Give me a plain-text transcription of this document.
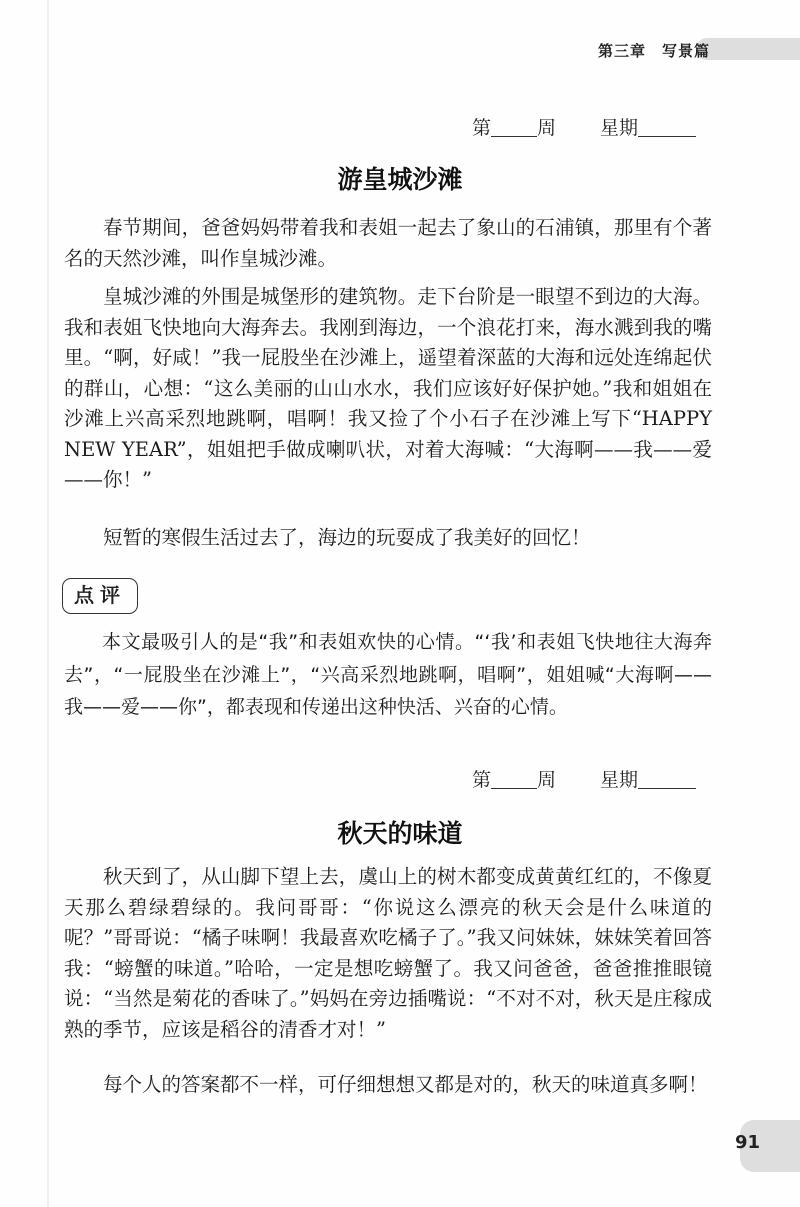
第三章　写景篇
第 周 星期
游皇城沙滩

春节期间，爸爸妈妈带着我和表姐一起去了象山的石浦镇，那里有个著名的天然沙滩，叫作皇城沙滩。

皇城沙滩的外围是城堡形的建筑物。走下台阶是一眼望不到边的大海。我和表姐飞快地向大海奔去。我刚到海边，一个浪花打来，海水溅到我的嘴里。“啊，好咸！”我一屁股坐在沙滩上，遥望着深蓝的大海和远处连绵起伏的群山，心想：“这么美丽的山山水水，我们应该好好保护她。”我和姐姐在沙滩上兴高采烈地跳啊，唱啊！我又捡了个小石子在沙滩上写下“HAPPY NEW YEAR”，姐姐把手做成喇叭状，对着大海喊：“大海啊——我——爱——你！”

短暂的寒假生活过去了，海边的玩耍成了我美好的回忆！

点评

本文最吸引人的是“我”和表姐欢快的心情。“‘我’和表姐飞快地往大海奔去”，“一屁股坐在沙滩上”，“兴高采烈地跳啊，唱啊”，姐姐喊“大海啊——我——爱——你”，都表现和传递出这种快活、兴奋的心情。

第 周 星期
秋天的味道

秋天到了，从山脚下望上去，虞山上的树木都变成黄黄红红的，不像夏天那么碧绿碧绿的。我问哥哥：“你说这么漂亮的秋天会是什么味道的呢？”哥哥说：“橘子味啊！我最喜欢吃橘子了。”我又问妹妹，妹妹笑着回答我：“螃蟹的味道。”哈哈，一定是想吃螃蟹了。我又问爸爸，爸爸推推眼镜说：“当然是菊花的香味了。”妈妈在旁边插嘴说：“不对不对，秋天是庄稼成熟的季节，应该是稻谷的清香才对！”

每个人的答案都不一样，可仔细想想又都是对的，秋天的味道真多啊！

91
